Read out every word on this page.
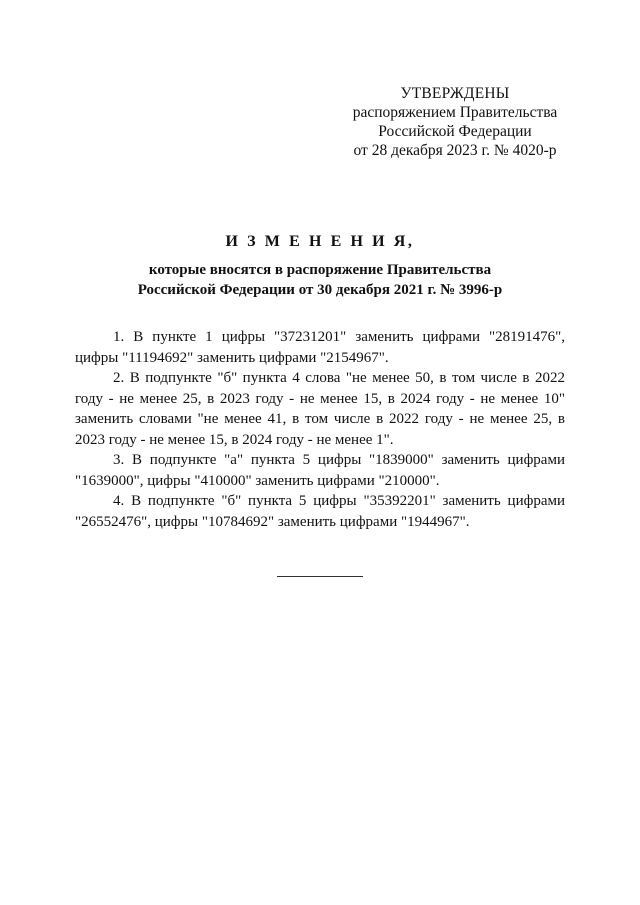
УТВЕРЖДЕНЫ
распоряжением Правительства
Российской Федерации
от 28 декабря 2023 г. № 4020-р
И З М Е Н Е Н И Я,
которые вносятся в распоряжение Правительства
Российской Федерации от 30 декабря 2021 г. № 3996-р

1. В пункте 1 цифры "37231201" заменить цифрами "28191476", цифры "11194692" заменить цифрами "2154967".

2. В подпункте "б" пункта 4 слова "не менее 50, в том числе в 2022 году - не менее 25, в 2023 году - не менее 15, в 2024 году - не менее 10" заменить словами "не менее 41, в том числе в 2022 году - не менее 25, в 2023 году - не менее 15, в 2024 году - не менее 1".

3. В подпункте "а" пункта 5 цифры "1839000" заменить цифрами "1639000", цифры "410000" заменить цифрами "210000".

4. В подпункте "б" пункта 5 цифры "35392201" заменить цифрами "26552476", цифры "10784692" заменить цифрами "1944967".
